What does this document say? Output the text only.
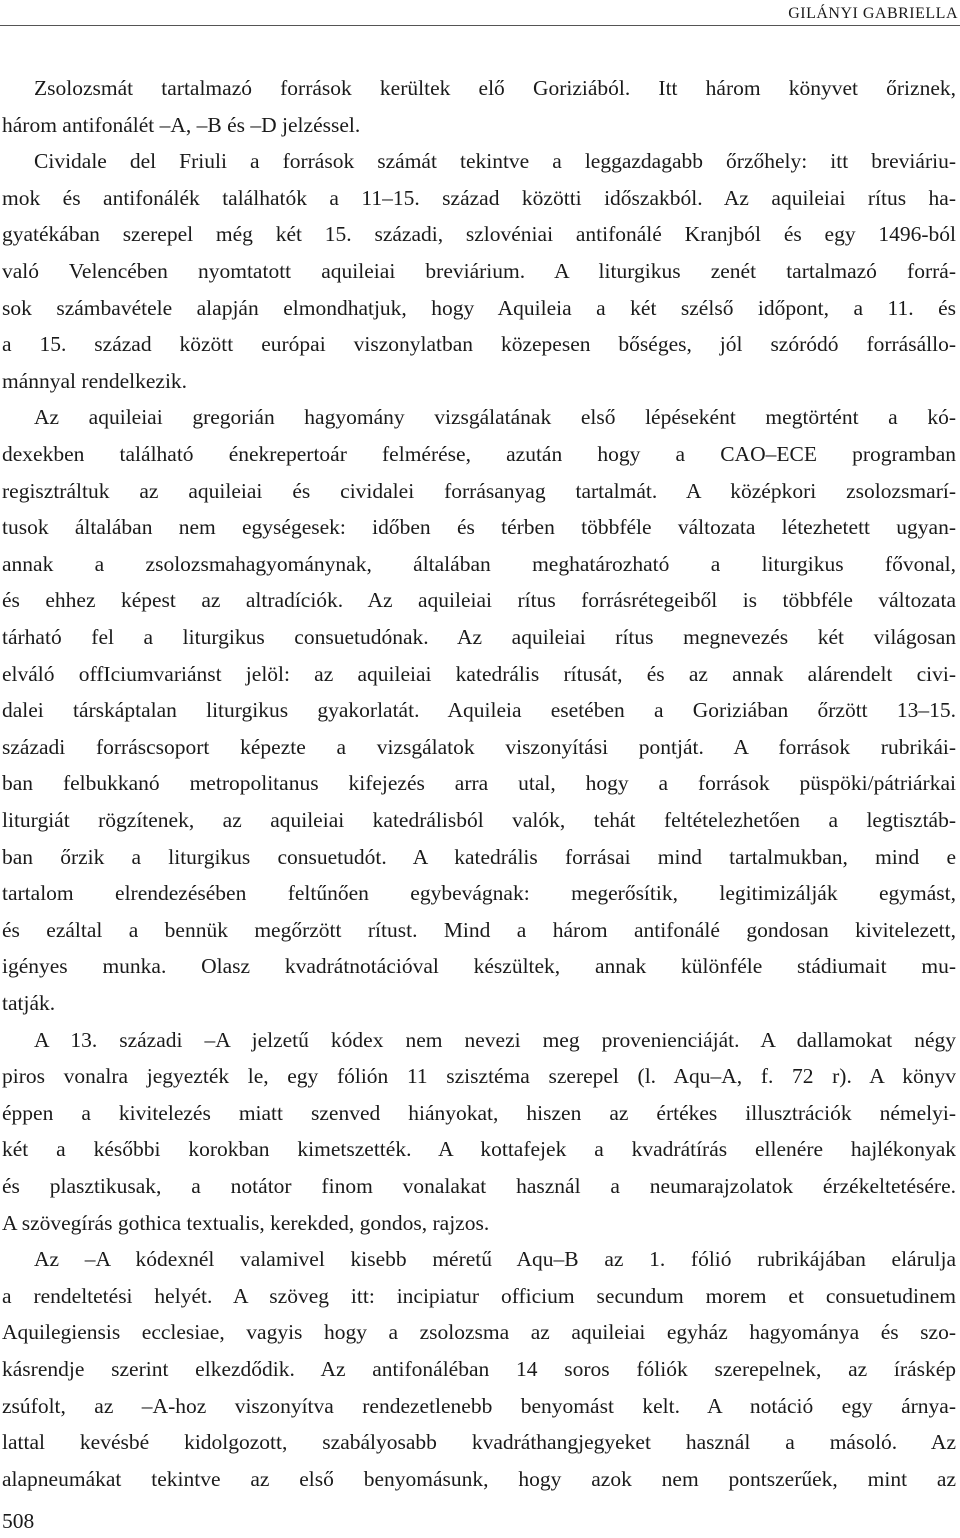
GILÁNYI GABRIELLA
Zsolozsmát tartalmazó források kerültek elő Goriziából. Itt három könyvet őriznek,
három antifonálét –A, –B és –D jelzéssel.
Cividale del Friuli a források számát tekintve a leggazdagabb őrzőhely: itt breviáriu-
mok és antifonálék találhatók a 11–15. század közötti időszakból. Az aquileiai rítus ha-
gyatékában szerepel még két 15. századi, szlovéniai antifonálé Kranjból és egy 1496-ból
való Velencében nyomtatott aquileiai breviárium. A liturgikus zenét tartalmazó forrá-
sok számbavétele alapján elmondhatjuk, hogy Aquileia a két szélső időpont, a 11. és
a 15. század között európai viszonylatban közepesen bőséges, jól szóródó forrásállo-
mánnyal rendelkezik.
Az aquileiai gregorián hagyomány vizsgálatának első lépéseként megtörtént a kó-
dexekben található énekrepertoár felmérése, azután hogy a CAO–ECE programban
regisztráltuk az aquileiai és cividalei forrásanyag tartalmát. A középkori zsolozsmarí-
tusok általában nem egységesek: időben és térben többféle változata létezhetett ugyan-
annak a zsolozsmahagyománynak, általában meghatározható a liturgikus fővonal,
és ehhez képest az altradíciók. Az aquileiai rítus forrásrétegeiből is többféle változata
tárható fel a liturgikus consuetudónak. Az aquileiai rítus megnevezés két világosan
elváló offIciumvariánst jelöl: az aquileiai katedrális rítusát, és az annak alárendelt civi-
dalei társkáptalan liturgikus gyakorlatát. Aquileia esetében a Goriziában őrzött 13–15.
századi forráscsoport képezte a vizsgálatok viszonyítási pontját. A források rubrikái-
ban felbukkanó metropolitanus kifejezés arra utal, hogy a források püspöki/pátriárkai
liturgiát rögzítenek, az aquileiai katedrálisból valók, tehát feltételezhetően a legtisztáb-
ban őrzik a liturgikus consuetudót. A katedrális forrásai mind tartalmukban, mind e
tartalom elrendezésében feltűnően egybevágnak: megerősítik, legitimizálják egymást,
és ezáltal a bennük megőrzött rítust. Mind a három antifonálé gondosan kivitelezett,
igényes munka. Olasz kvadrátnotációval készültek, annak különféle stádiumait mu-
tatják.
A 13. századi –A jelzetű kódex nem nevezi meg provenienciáját. A dallamokat négy
piros vonalra jegyezték le, egy fólión 11 szisztéma szerepel (l. Aqu–A, f. 72 r). A könyv
éppen a kivitelezés miatt szenved hiányokat, hiszen az értékes illusztrációk némelyi-
két a későbbi korokban kimetszették. A kottafejek a kvadrátírás ellenére hajlékonyak
és plasztikusak, a notátor finom vonalakat használ a neumarajzolatok érzékeltetésére.
A szövegírás gothica textualis, kerekded, gondos, rajzos.
Az –A kódexnél valamivel kisebb méretű Aqu–B az 1. fólió rubrikájában elárulja
a rendeltetési helyét. A szöveg itt: incipiatur officium secundum morem et consuetudinem
Aquilegiensis ecclesiae, vagyis hogy a zsolozsma az aquileiai egyház hagyománya és szo-
kásrendje szerint elkezdődik. Az antifonáléban 14 soros fóliók szerepelnek, az íráskép
zsúfolt, az –A-hoz viszonyítva rendezetlenebb benyomást kelt. A notáció egy árnya-
lattal kevésbé kidolgozott, szabályosabb kvadráthangjegyeket használ a másoló. Az
alapneumákat tekintve az első benyomásunk, hogy azok nem pontszerűek, mint az
508
